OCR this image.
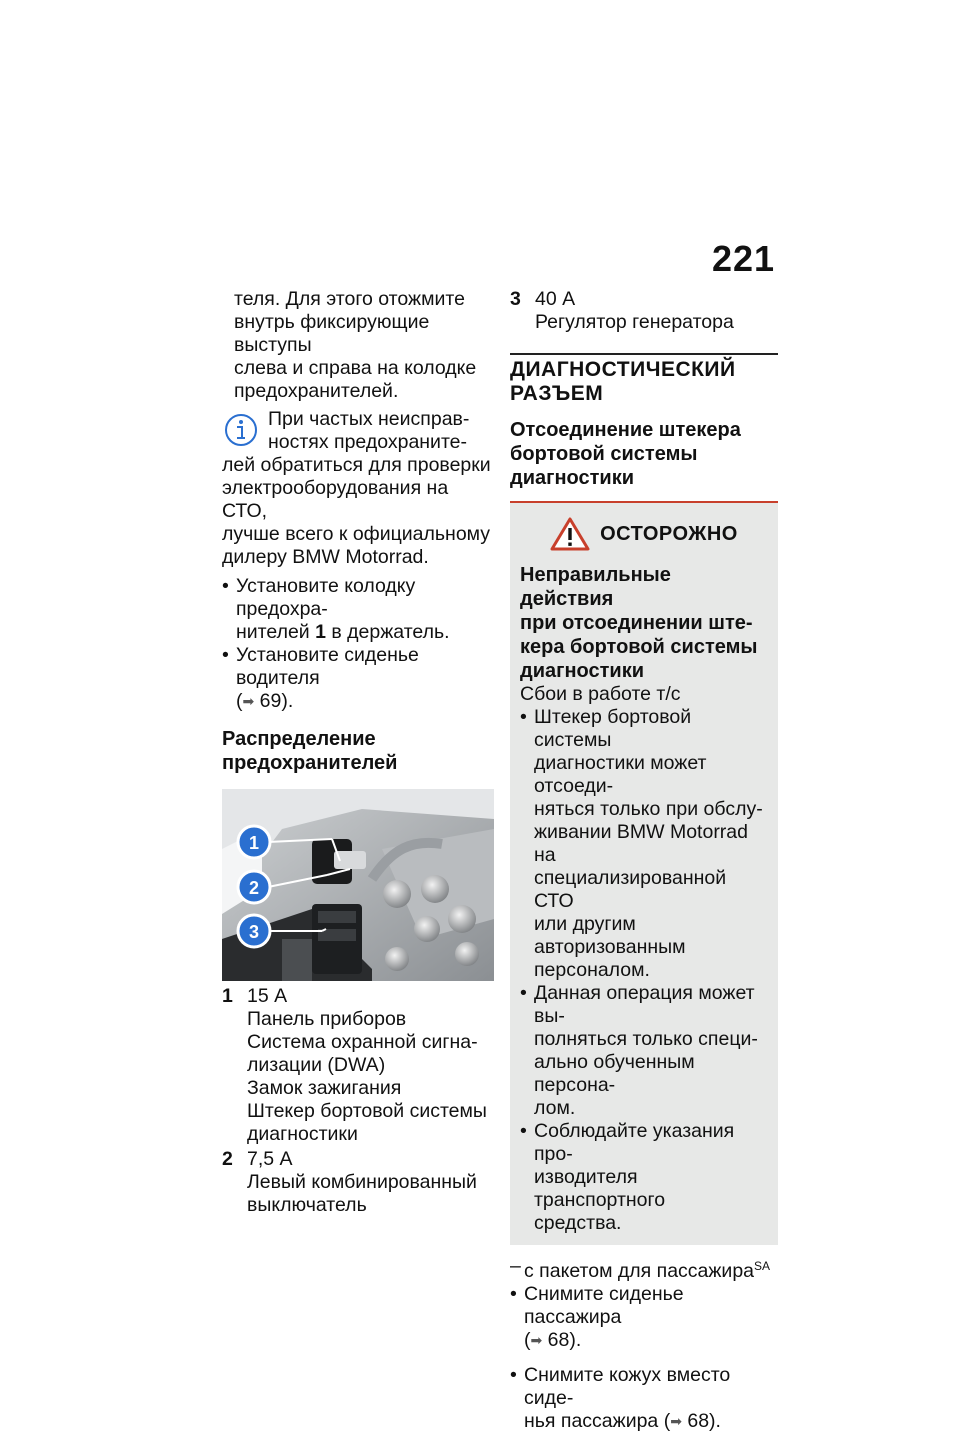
221

теля. Для этого отожмите

внутрь фиксирующие выступы

слева и справа на колодке

предохранителей.

При частых неисправ-

ностях предохраните-

лей обратиться для проверки

электрооборудования на СТО,

лучше всего к официальному

дилеру BMW Motorrad.

• Установите колодку предохра-
нителей 1 в держатель.
• Установите сиденье водителя
(➡ 69).

Распределение

предохранителей

1
2
3
1 15 А
Панель приборов
Система охранной сигна-
лизации (DWA)
Замок зажигания
Штекер бортовой системы
диагностики
2 7,5 А
Левый комбинированный
выключатель
3 40 А
Регулятор генератора

ДИАГНОСТИЧЕСКИЙ

РАЗЪЕМ

Отсоединение штекера

бортовой системы

диагностики

ОСТОРОЖНО

Неправильные действия

при отсоединении ште-

кера бортовой системы

диагностики

Сбои в работе т/с

• Штекер бортовой системы
диагностики может отсоеди-
няться только при обслу-
живании BMW Motorrad на
специализированной СТО
или другим авторизованным
персоналом.
• Данная операция может вы-
полняться только специ-
ально обученным персона-
лом.
• Соблюдайте указания про-
изводителя транспортного
средства.
– с пакетом для пассажира$^{SA}$
• Снимите сиденье пассажира
(➡ 68).
• Снимите кожух вместо сиде-
нья пассажира (➡ 68).
